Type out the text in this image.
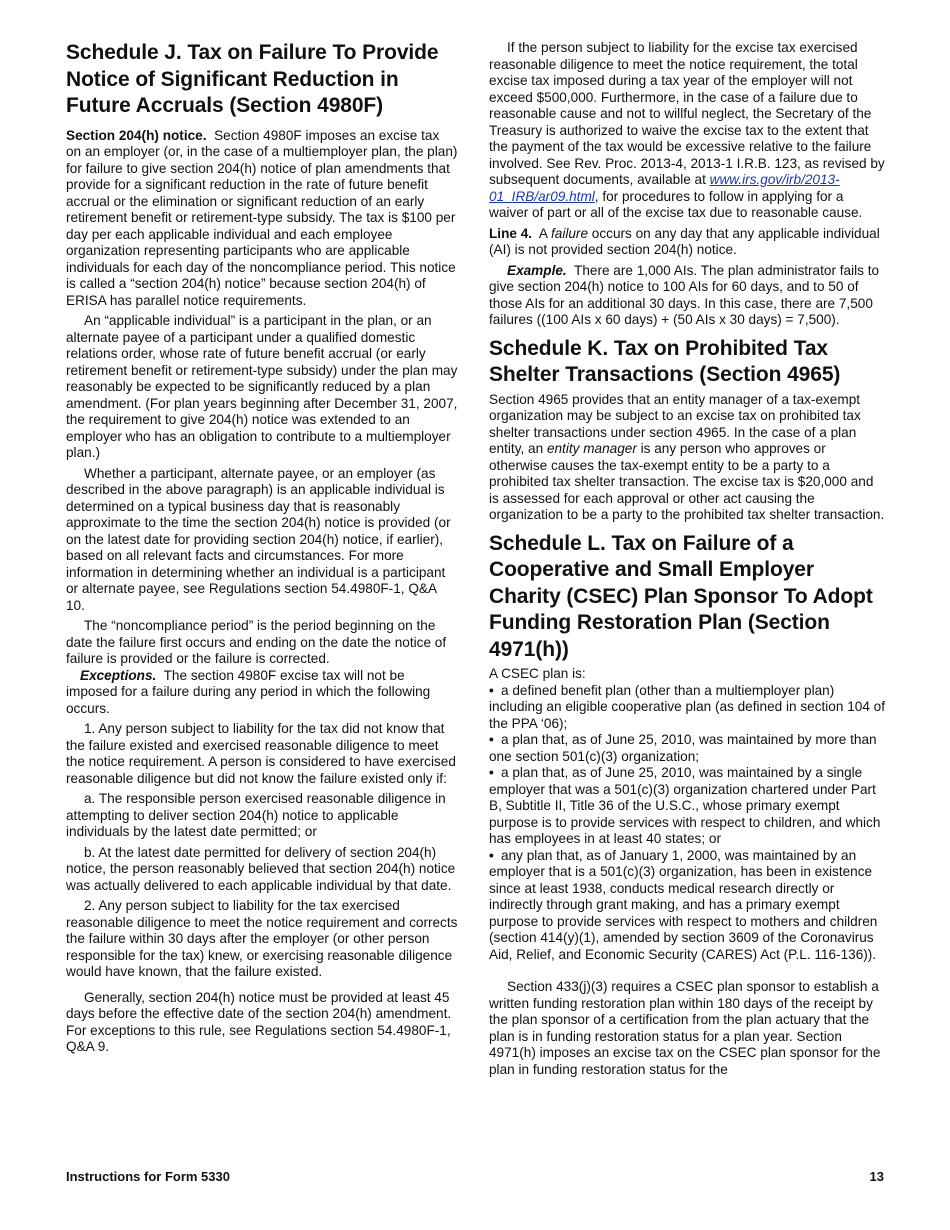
Schedule J. Tax on Failure To Provide Notice of Significant Reduction in Future Accruals (Section 4980F)

Section 204(h) notice. Section 4980F imposes an excise tax on an employer (or, in the case of a multiemployer plan, the plan) for failure to give section 204(h) notice of plan amendments that provide for a significant reduction in the rate of future benefit accrual or the elimination or significant reduction of an early retirement benefit or retirement-type subsidy. The tax is $100 per day per each applicable individual and each employee organization representing participants who are applicable individuals for each day of the noncompliance period. This notice is called a “section 204(h) notice” because section 204(h) of ERISA has parallel notice requirements.

An “applicable individual” is a participant in the plan, or an alternate payee of a participant under a qualified domestic relations order, whose rate of future benefit accrual (or early retirement benefit or retirement-type subsidy) under the plan may reasonably be expected to be significantly reduced by a plan amendment. (For plan years beginning after December 31, 2007, the requirement to give 204(h) notice was extended to an employer who has an obligation to contribute to a multiemployer plan.)

Whether a participant, alternate payee, or an employer (as described in the above paragraph) is an applicable individual is determined on a typical business day that is reasonably approximate to the time the section 204(h) notice is provided (or on the latest date for providing section 204(h) notice, if earlier), based on all relevant facts and circumstances. For more information in determining whether an individual is a participant or alternate payee, see Regulations section 54.4980F-1, Q&A 10.

The “noncompliance period” is the period beginning on the date the failure first occurs and ending on the date the notice of failure is provided or the failure is corrected.

Exceptions. The section 4980F excise tax will not be imposed for a failure during any period in which the following occurs.

1. Any person subject to liability for the tax did not know that the failure existed and exercised reasonable diligence to meet the notice requirement. A person is considered to have exercised reasonable diligence but did not know the failure existed only if:

a. The responsible person exercised reasonable diligence in attempting to deliver section 204(h) notice to applicable individuals by the latest date permitted; or

b. At the latest date permitted for delivery of section 204(h) notice, the person reasonably believed that section 204(h) notice was actually delivered to each applicable individual by that date.

2. Any person subject to liability for the tax exercised reasonable diligence to meet the notice requirement and corrects the failure within 30 days after the employer (or other person responsible for the tax) knew, or exercising reasonable diligence would have known, that the failure existed.

Generally, section 204(h) notice must be provided at least 45 days before the effective date of the section 204(h) amendment. For exceptions to this rule, see Regulations section 54.4980F-1, Q&A 9.

If the person subject to liability for the excise tax exercised reasonable diligence to meet the notice requirement, the total excise tax imposed during a tax year of the employer will not exceed $500,000. Furthermore, in the case of a failure due to reasonable cause and not to willful neglect, the Secretary of the Treasury is authorized to waive the excise tax to the extent that the payment of the tax would be excessive relative to the failure involved. See Rev. Proc. 2013-4, 2013-1 I.R.B. 123, as revised by subsequent documents, available at www.irs.gov/irb/2013-01_IRB/ar09.html, for procedures to follow in applying for a waiver of part or all of the excise tax due to reasonable cause.

Line 4. A failure occurs on any day that any applicable individual (AI) is not provided section 204(h) notice.

Example. There are 1,000 AIs. The plan administrator fails to give section 204(h) notice to 100 AIs for 60 days, and to 50 of those AIs for an additional 30 days. In this case, there are 7,500 failures ((100 AIs x 60 days) + (50 AIs x 30 days) = 7,500).

Schedule K. Tax on Prohibited Tax Shelter Transactions (Section 4965)

Section 4965 provides that an entity manager of a tax-exempt organization may be subject to an excise tax on prohibited tax shelter transactions under section 4965. In the case of a plan entity, an entity manager is any person who approves or otherwise causes the tax-exempt entity to be a party to a prohibited tax shelter transaction. The excise tax is $20,000 and is assessed for each approval or other act causing the organization to be a party to the prohibited tax shelter transaction.

Schedule L. Tax on Failure of a Cooperative and Small Employer Charity (CSEC) Plan Sponsor To Adopt Funding Restoration Plan (Section 4971(h))

A CSEC plan is:

• a defined benefit plan (other than a multiemployer plan) including an eligible cooperative plan (as defined in section 104 of the PPA ‘06);

• a plan that, as of June 25, 2010, was maintained by more than one section 501(c)(3) organization;

• a plan that, as of June 25, 2010, was maintained by a single employer that was a 501(c)(3) organization chartered under Part B, Subtitle II, Title 36 of the U.S.C., whose primary exempt purpose is to provide services with respect to children, and which has employees in at least 40 states; or

• any plan that, as of January 1, 2000, was maintained by an employer that is a 501(c)(3) organization, has been in existence since at least 1938, conducts medical research directly or indirectly through grant making, and has a primary exempt purpose to provide services with respect to mothers and children (section 414(y)(1), amended by section 3609 of the Coronavirus Aid, Relief, and Economic Security (CARES) Act (P.L. 116-136)).

Section 433(j)(3) requires a CSEC plan sponsor to establish a written funding restoration plan within 180 days of the receipt by the plan sponsor of a certification from the plan actuary that the plan is in funding restoration status for a plan year. Section 4971(h) imposes an excise tax on the CSEC plan sponsor for the plan in funding restoration status for the

Instructions for Form 5330	13
